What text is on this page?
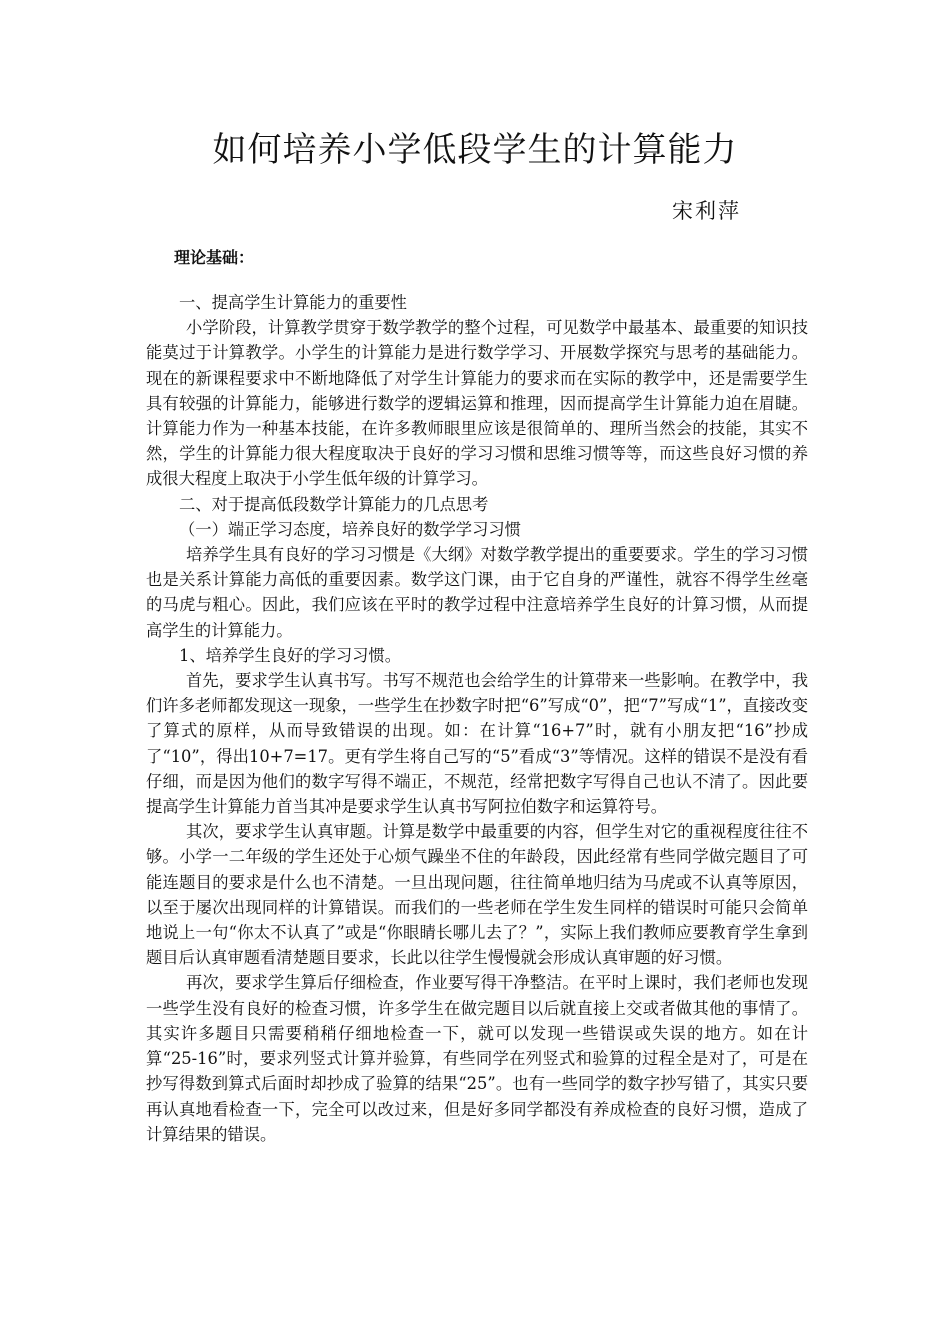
如何培养小学低段学生的计算能力
宋利萍
理论基础：

一、提高学生计算能力的重要性

小学阶段，计算教学贯穿于数学教学的整个过程，可见数学中最基本、最重要的知识技能莫过于计算教学。小学生的计算能力是进行数学学习、开展数学探究与思考的基础能力。现在的新课程要求中不断地降低了对学生计算能力的要求而在实际的教学中，还是需要学生具有较强的计算能力，能够进行数学的逻辑运算和推理，因而提高学生计算能力迫在眉睫。计算能力作为一种基本技能，在许多教师眼里应该是很简单的、理所当然会的技能，其实不然，学生的计算能力很大程度取决于良好的学习习惯和思维习惯等等，而这些良好习惯的养成很大程度上取决于小学生低年级的计算学习。

二、对于提高低段数学计算能力的几点思考

（一）端正学习态度，培养良好的数学学习习惯

培养学生具有良好的学习习惯是《大纲》对数学教学提出的重要要求。学生的学习习惯也是关系计算能力高低的重要因素。数学这门课，由于它自身的严谨性，就容不得学生丝毫的马虎与粗心。因此，我们应该在平时的教学过程中注意培养学生良好的计算习惯，从而提高学生的计算能力。

1、培养学生良好的学习习惯。

首先，要求学生认真书写。书写不规范也会给学生的计算带来一些影响。在教学中，我们许多老师都发现这一现象，一些学生在抄数字时把“6”写成“0”，把“7”写成“1”，直接改变了算式的原样，从而导致错误的出现。如：在计算“16+7”时，就有小朋友把“16”抄成了“10”，得出10+7=17。更有学生将自己写的“5”看成“3”等情况。这样的错误不是没有看仔细，而是因为他们的数字写得不端正，不规范，经常把数字写得自己也认不清了。因此要提高学生计算能力首当其冲是要求学生认真书写阿拉伯数字和运算符号。

其次，要求学生认真审题。计算是数学中最重要的内容，但学生对它的重视程度往往不够。小学一二年级的学生还处于心烦气躁坐不住的年龄段，因此经常有些同学做完题目了可能连题目的要求是什么也不清楚。一旦出现问题，往往简单地归结为马虎或不认真等原因，以至于屡次出现同样的计算错误。而我们的一些老师在学生发生同样的错误时可能只会简单地说上一句“你太不认真了”或是“你眼睛长哪儿去了？”，实际上我们教师应要教育学生拿到题目后认真审题看清楚题目要求，长此以往学生慢慢就会形成认真审题的好习惯。

再次，要求学生算后仔细检查，作业要写得干净整洁。在平时上课时，我们老师也发现一些学生没有良好的检查习惯，许多学生在做完题目以后就直接上交或者做其他的事情了。其实许多题目只需要稍稍仔细地检查一下，就可以发现一些错误或失误的地方。如在计算“25-16”时，要求列竖式计算并验算，有些同学在列竖式和验算的过程全是对了，可是在抄写得数到算式后面时却抄成了验算的结果“25”。也有一些同学的数字抄写错了，其实只要再认真地看检查一下，完全可以改过来，但是好多同学都没有养成检查的良好习惯，造成了计算结果的错误。
